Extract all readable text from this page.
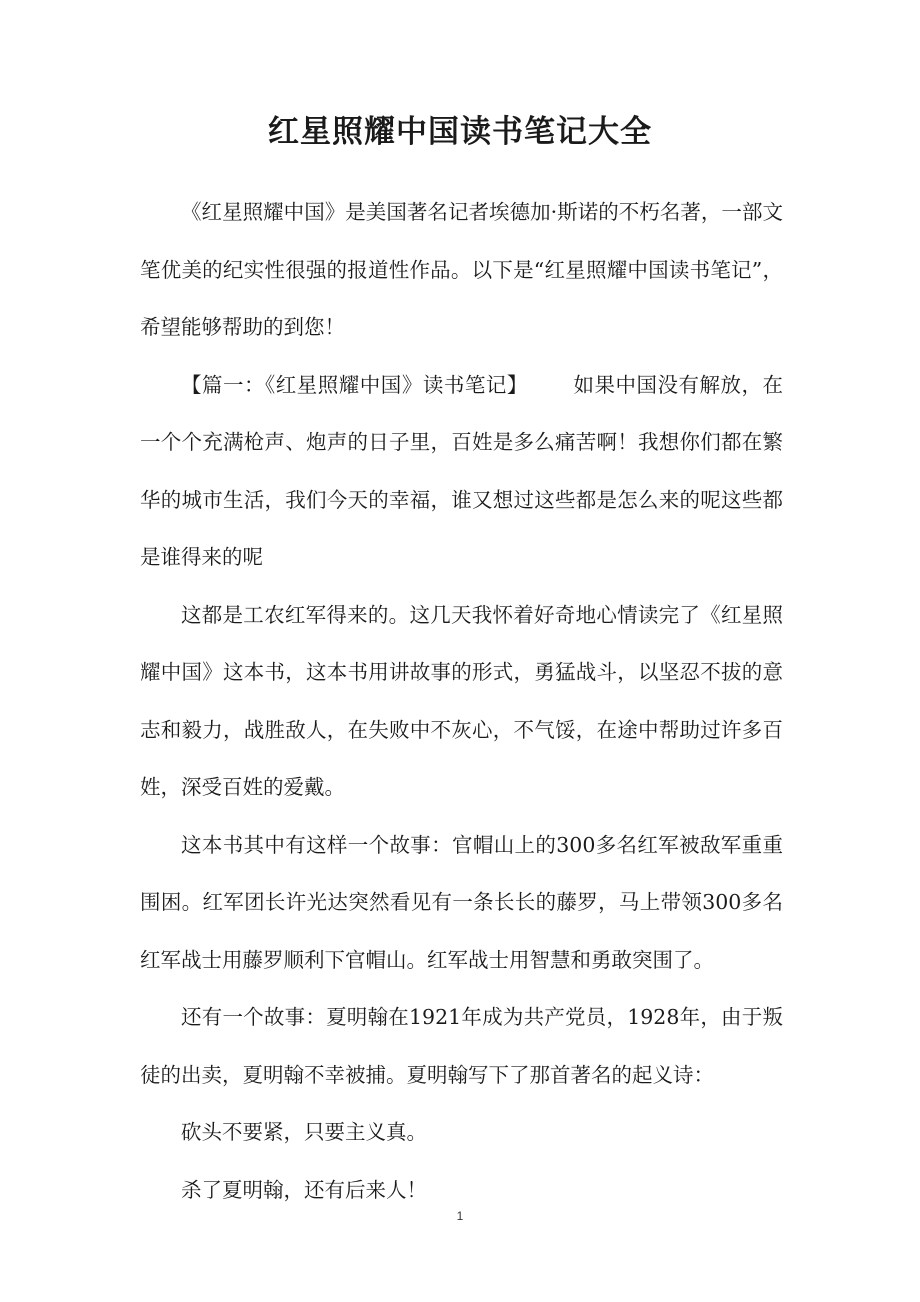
红星照耀中国读书笔记大全

《红星照耀中国》是美国著名记者埃德加·斯诺的不朽名著，一部文笔优美的纪实性很强的报道性作品。以下是“红星照耀中国读书笔记”，希望能够帮助的到您！

【篇一：《红星照耀中国》读书笔记】 如果中国没有解放，在一个个充满枪声、炮声的日子里，百姓是多么痛苦啊！我想你们都在繁华的城市生活，我们今天的幸福，谁又想过这些都是怎么来的呢这些都是谁得来的呢

这都是工农红军得来的。这几天我怀着好奇地心情读完了《红星照耀中国》这本书，这本书用讲故事的形式，勇猛战斗，以坚忍不拔的意志和毅力，战胜敌人，在失败中不灰心，不气馁，在途中帮助过许多百姓，深受百姓的爱戴。

这本书其中有这样一个故事：官帽山上的300多名红军被敌军重重围困。红军团长许光达突然看见有一条长长的藤罗，马上带领300多名红军战士用藤罗顺利下官帽山。红军战士用智慧和勇敢突围了。

还有一个故事：夏明翰在1921年成为共产党员，1928年，由于叛徒的出卖，夏明翰不幸被捕。夏明翰写下了那首著名的起义诗：

砍头不要紧，只要主义真。

杀了夏明翰，还有后来人！

1
